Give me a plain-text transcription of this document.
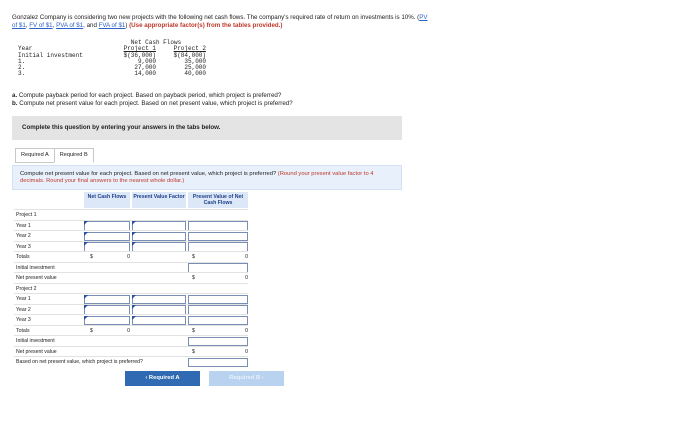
Gonzalez Company is considering two new projects with the following net cash flows. The company's required rate of return on investments is 10%. (PV of $1, FV of $1, PVA of $1, and FVA of $1) (Use appropriate factor(s) from the tables provided.)
	Net Cash Flows	
Year	Project 1	Project 2
Initial investment	$(36,000)	$(84,000)
1.	9,000	35,000
2.	27,000	25,000
3.	14,000	40,000
a. Compute payback period for each project. Based on payback period, which project is preferred?
b. Compute net present value for each project. Based on net present value, which project is preferred?
Complete this question by entering your answers in the tabs below.
Required A	Required B
Compute net present value for each project. Based on net present value, which project is preferred? (Round your present value factor to 4 decimals. Round your final answers to the nearest whole dollar.)
Net Cash Flows	Present Value Factor	Present Value of Net Cash Flows
Project 1
Year 1
Year 2
Year 3
Totals	$	0	$	0
Initial investment
Net present value	$	0
Project 2
Year 1
Year 2
Year 3
Totals	$	0	$	0
Initial investment
Net present value	$	0
Based on net present value, which project is preferred?
‹ Required A	Required B ›
